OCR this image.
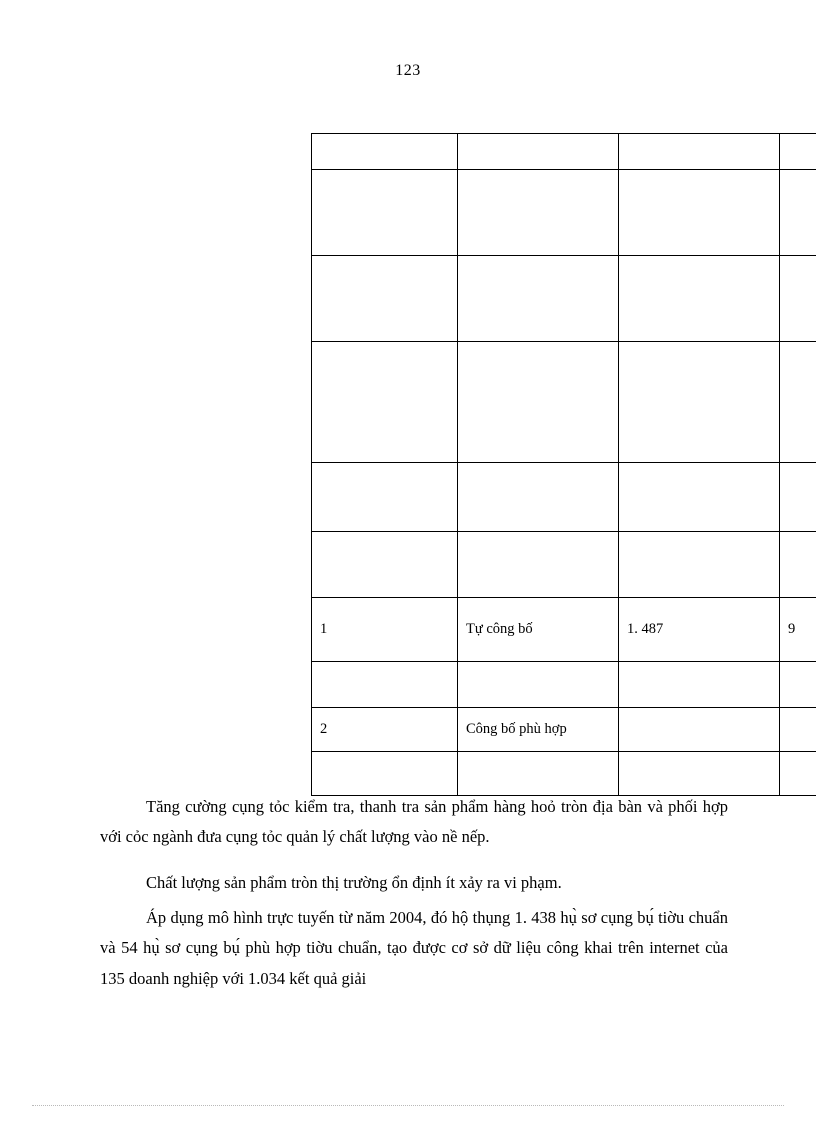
123

1	Tự công bố	1. 487	9

2	Công bố phù hợp		

Tăng cường cụng tỏc kiểm tra, thanh tra sản phẩm hàng hoỏ tròn địa bàn và phối hợp với cỏc ngành đưa cụng tỏc quản lý chất lượng vào nề nếp.

Chất lượng sản phẩm tròn thị trường ổn định ít xảy ra vi phạm.

Áp dụng mô hình trực tuyến từ năm 2004, đó hộ thụng 1. 438 hụ̀ sơ cụng bụ́ tiờu chuẩn và 54 hụ̀ sơ cụng bụ́ phù hợp tiờu chuẩn, tạo được cơ sở dữ liệu công khai trên internet của 135 doanh nghiệp với 1.034 kết quả giải
